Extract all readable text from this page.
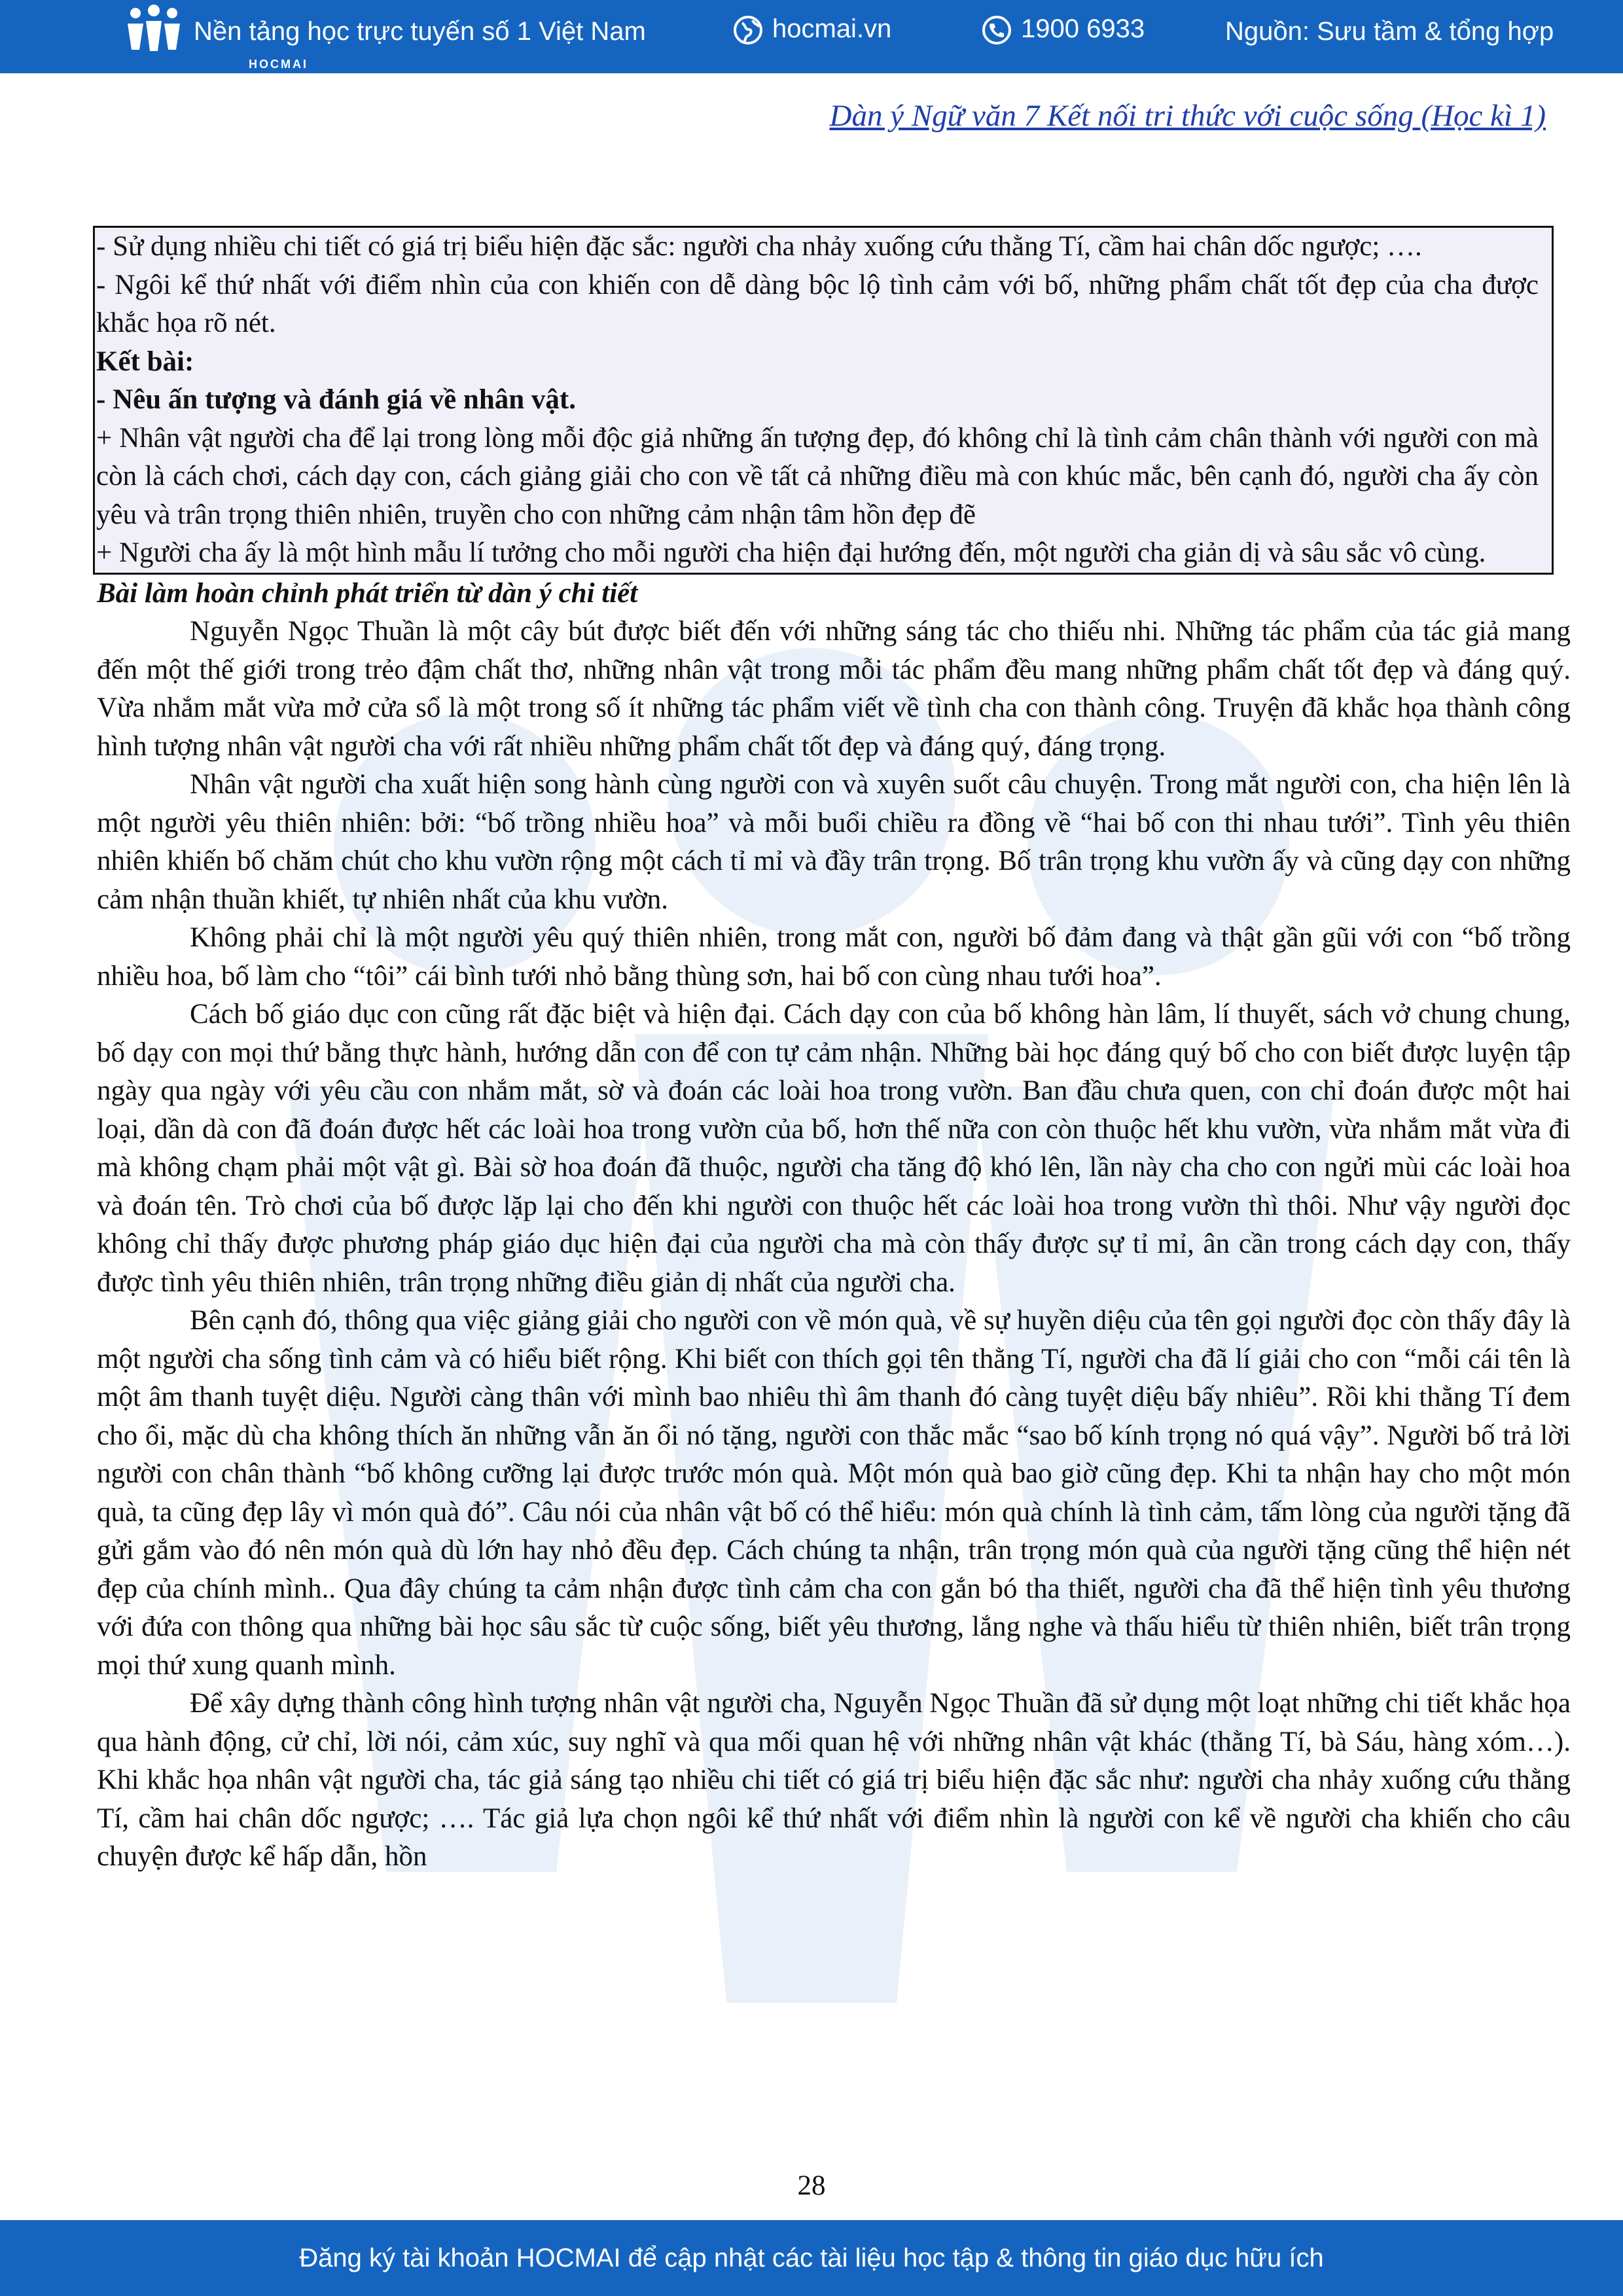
HOCMAI
Nền tảng học trực tuyến số 1 Việt Nam	hocmai.vn	1900 6933	Nguồn: Sưu tầm & tổng hợp
Dàn ý Ngữ văn 7 Kết nối tri thức với cuộc sống (Học kì 1)

- Sử dụng nhiều chi tiết có giá trị biểu hiện đặc sắc: người cha nhảy xuống cứu thằng Tí, cầm hai chân dốc ngược; ….

- Ngôi kể thứ nhất với điểm nhìn của con khiến con dễ dàng bộc lộ tình cảm với bố, những phẩm chất tốt đẹp của cha được khắc họa rõ nét.

Kết bài:

- Nêu ấn tượng và đánh giá về nhân vật.

+ Nhân vật người cha để lại trong lòng mỗi độc giả những ấn tượng đẹp, đó không chỉ là tình cảm chân thành với người con mà còn là cách chơi, cách dạy con, cách giảng giải cho con về tất cả những điều mà con khúc mắc, bên cạnh đó, người cha ấy còn yêu và trân trọng thiên nhiên, truyền cho con những cảm nhận tâm hồn đẹp đẽ

+ Người cha ấy là một hình mẫu lí tưởng cho mỗi người cha hiện đại hướng đến, một người cha giản dị và sâu sắc vô cùng.

Bài làm hoàn chỉnh phát triển từ dàn ý chi tiết

Nguyễn Ngọc Thuần là một cây bút được biết đến với những sáng tác cho thiếu nhi. Những tác phẩm của tác giả mang đến một thế giới trong trẻo đậm chất thơ, những nhân vật trong mỗi tác phẩm đều mang những phẩm chất tốt đẹp và đáng quý. Vừa nhắm mắt vừa mở cửa sổ là một trong số ít những tác phẩm viết về tình cha con thành công. Truyện đã khắc họa thành công hình tượng nhân vật người cha với rất nhiều những phẩm chất tốt đẹp và đáng quý, đáng trọng.

Nhân vật người cha xuất hiện song hành cùng người con và xuyên suốt câu chuyện. Trong mắt người con, cha hiện lên là một người yêu thiên nhiên: bởi: “bố trồng nhiều hoa” và mỗi buổi chiều ra đồng về “hai bố con thi nhau tưới”. Tình yêu thiên nhiên khiến bố chăm chút cho khu vườn rộng một cách tỉ mỉ và đầy trân trọng. Bố trân trọng khu vườn ấy và cũng dạy con những cảm nhận thuần khiết, tự nhiên nhất của khu vườn.

Không phải chỉ là một người yêu quý thiên nhiên, trong mắt con, người bố đảm đang và thật gần gũi với con “bố trồng nhiều hoa, bố làm cho “tôi” cái bình tưới nhỏ bằng thùng sơn, hai bố con cùng nhau tưới hoa”.

Cách bố giáo dục con cũng rất đặc biệt và hiện đại. Cách dạy con của bố không hàn lâm, lí thuyết, sách vở chung chung, bố dạy con mọi thứ bằng thực hành, hướng dẫn con để con tự cảm nhận. Những bài học đáng quý bố cho con biết được luyện tập ngày qua ngày với yêu cầu con nhắm mắt, sờ và đoán các loài hoa trong vườn. Ban đầu chưa quen, con chỉ đoán được một hai loại, dần dà con đã đoán được hết các loài hoa trong vườn của bố, hơn thế nữa con còn thuộc hết khu vườn, vừa nhắm mắt vừa đi mà không chạm phải một vật gì. Bài sờ hoa đoán đã thuộc, người cha tăng độ khó lên, lần này cha cho con ngửi mùi các loài hoa và đoán tên. Trò chơi của bố được lặp lại cho đến khi người con thuộc hết các loài hoa trong vườn thì thôi. Như vậy người đọc không chỉ thấy được phương pháp giáo dục hiện đại của người cha mà còn thấy được sự tỉ mỉ, ân cần trong cách dạy con, thấy được tình yêu thiên nhiên, trân trọng những điều giản dị nhất của người cha.

Bên cạnh đó, thông qua việc giảng giải cho người con về món quà, về sự huyền diệu của tên gọi người đọc còn thấy đây là một người cha sống tình cảm và có hiểu biết rộng. Khi biết con thích gọi tên thằng Tí, người cha đã lí giải cho con “mỗi cái tên là một âm thanh tuyệt diệu. Người càng thân với mình bao nhiêu thì âm thanh đó càng tuyệt diệu bấy nhiêu”. Rồi khi thằng Tí đem cho ổi, mặc dù cha không thích ăn những vẫn ăn ổi nó tặng, người con thắc mắc “sao bố kính trọng nó quá vậy”. Người bố trả lời người con chân thành “bố không cưỡng lại được trước món quà. Một món quà bao giờ cũng đẹp. Khi ta nhận hay cho một món quà, ta cũng đẹp lây vì món quà đó”. Câu nói của nhân vật bố có thể hiểu: món quà chính là tình cảm, tấm lòng của người tặng đã gửi gắm vào đó nên món quà dù lớn hay nhỏ đều đẹp. Cách chúng ta nhận, trân trọng món quà của người tặng cũng thể hiện nét đẹp của chính mình.. Qua đây chúng ta cảm nhận được tình cảm cha con gắn bó tha thiết, người cha đã thể hiện tình yêu thương với đứa con thông qua những bài học sâu sắc từ cuộc sống, biết yêu thương, lắng nghe và thấu hiểu từ thiên nhiên, biết trân trọng mọi thứ xung quanh mình.

Để xây dựng thành công hình tượng nhân vật người cha, Nguyễn Ngọc Thuần đã sử dụng một loạt những chi tiết khắc họa qua hành động, cử chỉ, lời nói, cảm xúc, suy nghĩ và qua mối quan hệ với những nhân vật khác (thằng Tí, bà Sáu, hàng xóm…). Khi khắc họa nhân vật người cha, tác giả sáng tạo nhiều chi tiết có giá trị biểu hiện đặc sắc như: người cha nhảy xuống cứu thằng Tí, cầm hai chân dốc ngược; …. Tác giả lựa chọn ngôi kể thứ nhất với điểm nhìn là người con kể về người cha khiến cho câu chuyện được kể hấp dẫn, hồn

28
Đăng ký tài khoản HOCMAI để cập nhật các tài liệu học tập & thông tin giáo dục hữu ích
